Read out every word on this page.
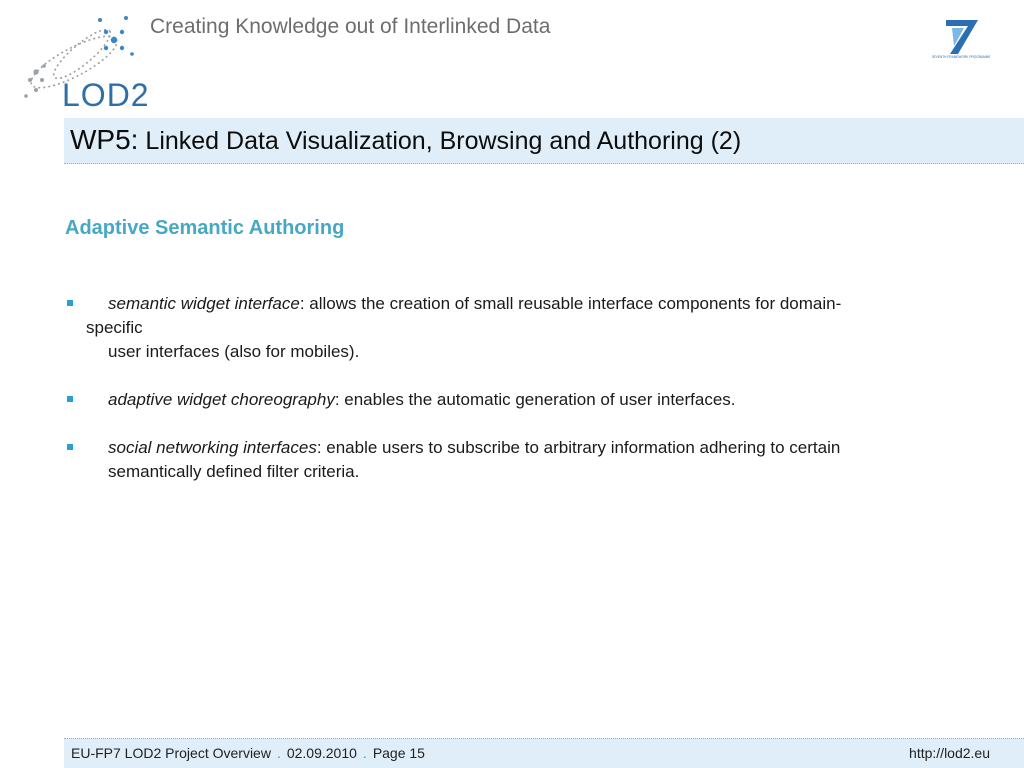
LOD2
Creating Knowledge out of Interlinked Data
SEVENTH FRAMEWORK PROGRAMME
WP5: Linked Data Visualization, Browsing and Authoring (2)
Adaptive Semantic Authoring
semantic widget interface: allows the creation of small reusable interface components for domain-
specific
user interfaces (also for mobiles).
adaptive widget choreography: enables the automatic generation of user interfaces.
social networking interfaces: enable users to subscribe to arbitrary information adhering to certain
semantically defined filter criteria.
EU-FP7 LOD2 Project Overview . 02.09.2010 . Page 15	http://lod2.eu
